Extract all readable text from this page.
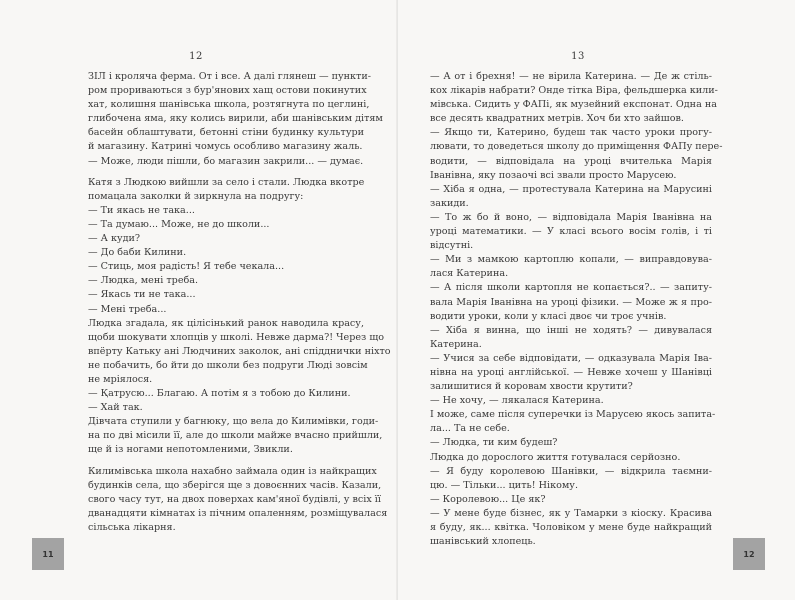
12
ЗІЛ і кроляча ферма. От і все. А далі глянеш — пункти-
ром прориваються з бур'янових хащ остови покинутих
хат, колишня шанівська школа, розтягнута по цеглині,
глибочена яма, яку колись вирили, аби шанівським дітям
басейн облаштувати, бетонні стіни будинку культури
й магазину. Катрині чомусь особливо магазину жаль.
— Може, люди пішли, бо магазин закрили... — думає.
Катя з Людкою вийшли за село і стали. Людка вкотре
помацала заколки й зиркнула на подругу:
— Ти якась не така...
— Та думаю... Може, не до школи...
— А куди?
— До баби Килини.
— Стиць, моя радість! Я тебе чекала...
— Людка, мені треба.
— Якась ти не така...
— Мені треба...
Людка згадала, як цілісінький ранок наводила красу,
щоби шокувати хлопців у школі. Невже дарма?! Через що
впёрту Катьку ані Людчиних заколок, ані спідднички ніхто
не побачить, бо йти до школи без подруги Люді зовсім
не мріялося.
— Қатрусю... Благаю. А потім я з тобою до Килини.
— Хай так.
Дівчата ступили у багнюку, що вела до Килимівки, годи-
на по дві місили її, але до школи майже вчасно прийшли,
ще й із ногами непотомленими, Звикли.
Килимівська школа нахабно займала один із найкращих
будинків села, що зберігся ще з довоєнних часів. Казали,
свого часу тут, на двох поверхах кам'яної будівлі, у всіх її
дванадцяти кімнатах із пічним опаленням, розміщувалася
сільська лікарня.
11
13
— А от і брехня! — не вірила Катерина. — Де ж стіль-
кох лікарів набрати? Онде тітка Віра, фельдшерка кили-
мівська. Сидить у ФАПі, як музейний експонат. Одна на
все десять квадратних метрів. Хоч би хто зайшов.
— Якщо ти, Катерино, будеш так часто уроки прогу-
лювати, то доведеться школу до приміщення ФАПу пере-
водити, — відповідала на уроці вчителька Марія
Іванівна, яку позаочі всі звали просто Марусею.
— Хіба я одна, — протестувала Катерина на Марусині
закиди.
— То ж бо й воно, — відповідала Марія Іванівна на
уроці математики. — У класі всього восім голів, і ті
відсутні.
— Ми з мамкою картоплю копали, — виправдовува-
лася Катерина.
— А після школи картопля не копається?.. — запиту-
вала Марія Іванівна на уроці фізики. — Може ж я про-
водити уроки, коли у класі двоє чи троє учнів.
— Хіба я винна, що інші не ходять? — дивувалася
Катерина.
— Учися за себе відповідати, — одказувала Марія Іва-
нівна на уроці англійської. — Невже хочеш у Шанівці
залишитися й коровам хвости крутити?
— Не хочу, — лякалася Катерина.
І може, саме після суперечки із Марусею якось запита-
ла... Та не себе.
— Людка, ти ким будеш?
Людка до дорослого життя готувалася серйозно.
— Я буду королевою Шанівки, — відкрила таємни-
цю. — Тільки... цить! Нікому.
— Королевою... Це як?
— У мене буде бізнес, як у Тамарки з кіоску. Красива
я буду, як... квітка. Чоловіком у мене буде найкращий
шанівський хлопець.
12
